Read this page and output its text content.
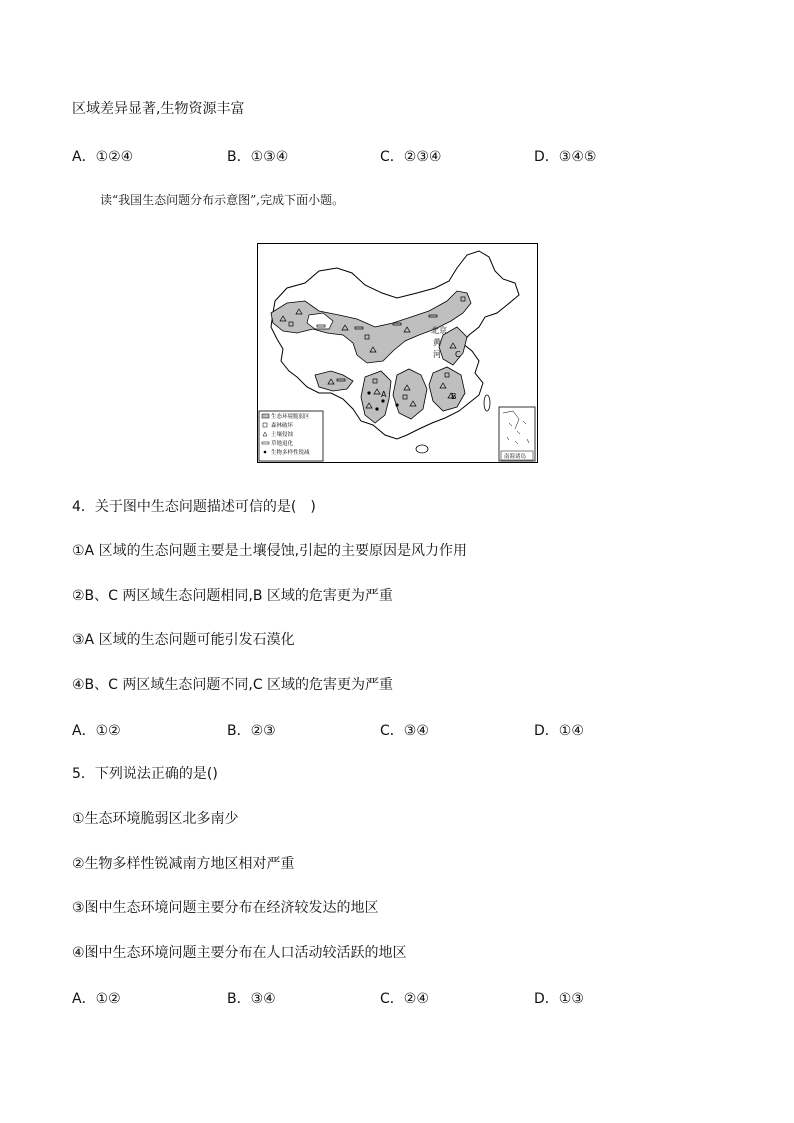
区域差异显著,生物资源丰富
A．①②④	B．①③④	C．②③④	D．③④⑤
读“我国生态问题分布示意图”,完成下面小题。
北京
黄
河
A	B
C
生态环境脆弱区
森林破坏
土壤侵蚀
草地退化
生物多样性锐减
南海诸岛
4．关于图中生态问题描述可信的是(　)
①A 区域的生态问题主要是土壤侵蚀,引起的主要原因是风力作用
②B、C 两区域生态问题相同,B 区域的危害更为严重
③A 区域的生态问题可能引发石漠化
④B、C 两区域生态问题不同,C 区域的危害更为严重
A．①②	B．②③	C．③④	D．①④
5．下列说法正确的是()
①生态环境脆弱区北多南少
②生物多样性锐减南方地区相对严重
③图中生态环境问题主要分布在经济较发达的地区
④图中生态环境问题主要分布在人口活动较活跃的地区
A．①②	B．③④	C．②④	D．①③
